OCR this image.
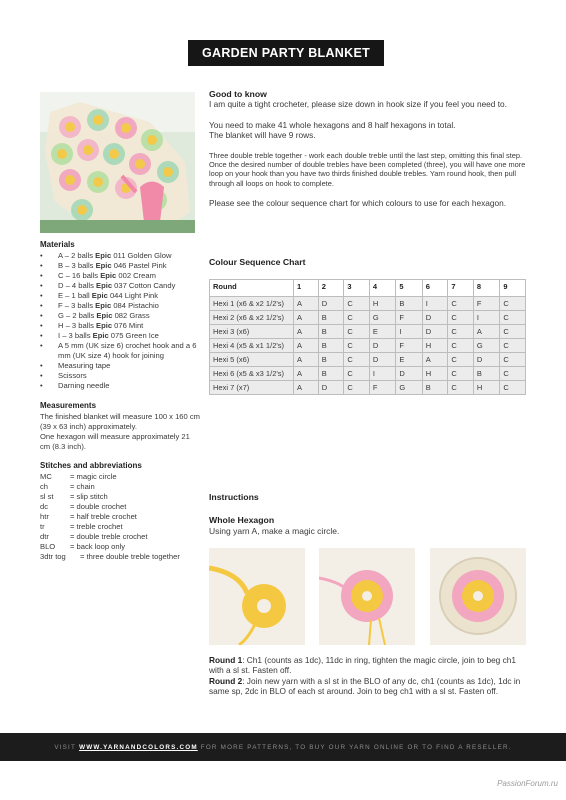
GARDEN PARTY BLANKET
Materials
• A – 2 balls Epic 011 Golden Glow
• B – 3 balls Epic 046 Pastel Pink
• C – 16 balls Epic 002 Cream
• D – 4 balls Epic 037 Cotton Candy
• E – 1 ball Epic 044 Light Pink
• F – 3 balls Epic 084 Pistachio
• G – 2 balls Epic 082 Grass
• H – 3 balls Epic 076 Mint
• I – 3 balls Epic 075 Green Ice
• A 5 mm (UK size 6) crochet hook and a 6 mm (UK size 4) hook for joining
• Measuring tape
• Scissors
• Darning needle
Measurements
The finished blanket will measure 100 x 160 cm (39 x 63 inch) approximately.
One hexagon will measure approximately 21 cm (8.3 inch).
Stitches and abbreviations
MC	= magic circle
ch	= chain
sl st	= slip stitch
dc	= double crochet
htr	= half treble crochet
tr	= treble crochet
dtr	= double treble crochet
BLO	= back loop only
3dtr tog	= three double treble together
Good to know

I am quite a tight crocheter, please size down in hook size if you feel you need to.

You need to make 41 whole hexagons and 8 half hexagons in total.

The blanket will have 9 rows.

Three double treble together - work each double treble until the last step, omitting this final step. Once the desired number of double trebles have been completed (three), you will have one more loop on your hook than you have two thirds finished double trebles. Yarn round hook, then pull through all loops on hook to complete.

Please see the colour sequence chart for which colours to use for each hexagon.

Colour Sequence Chart
Round	1	2	3	4	5	6	7	8	9
Hexi 1 (x6 & x2 1/2's)	A	D	C	H	B	I	C	F	C
Hexi 2 (x6 & x2 1/2's)	A	B	C	G	F	D	C	I	C
Hexi 3 (x6)	A	B	C	E	I	D	C	A	C
Hexi 4 (x5 & x1 1/2's)	A	B	C	D	F	H	C	G	C
Hexi 5 (x6)	A	B	C	D	E	A	C	D	C
Hexi 6 (x5 & x3 1/2's)	A	B	C	I	D	H	C	B	C
Hexi 7 (x7)	A	D	C	F	G	B	C	H	C
Instructions
Whole Hexagon

Using yarn A, make a magic circle.

Round 1: Ch1 (counts as 1dc), 11dc in ring, tighten the magic circle, join to beg ch1 with a sl st. Fasten off.

Round 2: Join new yarn with a sl st in the BLO of any dc, ch1 (counts as 1dc), 1dc in same sp, 2dc in BLO of each st around. Join to beg ch1 with a sl st. Fasten off.

VISIT WWW.YARNANDCOLORS.COM FOR MORE PATTERNS, TO BUY OUR YARN ONLINE OR TO FIND A RESELLER.
PassionForum.ru
